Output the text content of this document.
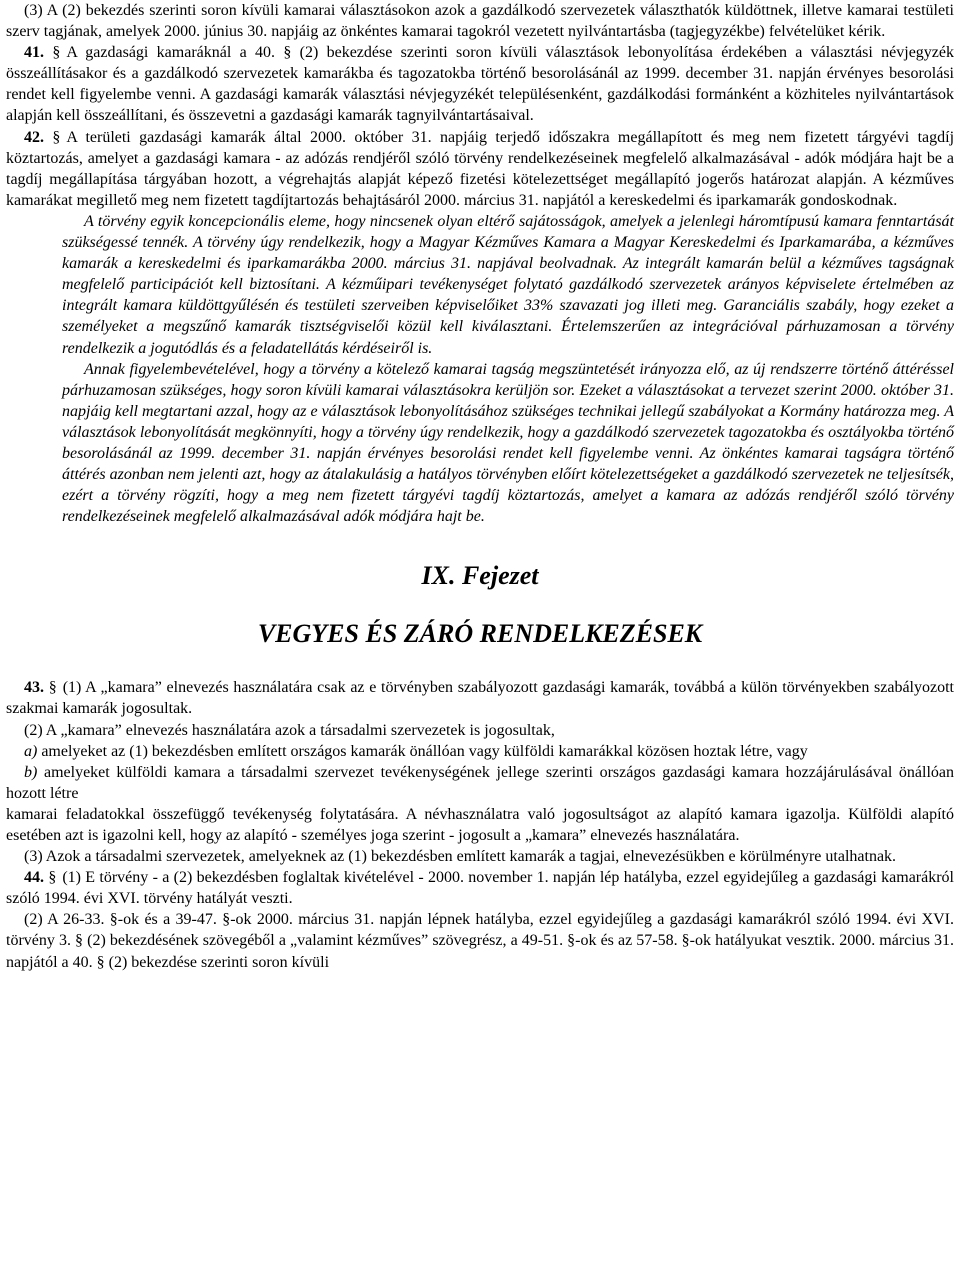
(3) A (2) bekezdés szerinti soron kívüli kamarai választásokon azok a gazdálkodó szervezetek választhatók küldöttnek, illetve kamarai testületi szerv tagjának, amelyek 2000. június 30. napjáig az önkéntes kamarai tagokról vezetett nyilvántartásba (tagjegyzékbe) felvételüket kérik.

41. § A gazdasági kamaráknál a 40. § (2) bekezdése szerinti soron kívüli választások lebonyolítása érdekében a választási névjegyzék összeállításakor és a gazdálkodó szervezetek kamarákba és tagozatokba történő besorolásánál az 1999. december 31. napján érvényes besorolási rendet kell figyelembe venni. A gazdasági kamarák választási névjegyzékét településenként, gazdálkodási formánként a közhiteles nyilvántartások alapján kell összeállítani, és összevetni a gazdasági kamarák tagnyilvántartásaival.

42. § A területi gazdasági kamarák által 2000. október 31. napjáig terjedő időszakra megállapított és meg nem fizetett tárgyévi tagdíj köztartozás, amelyet a gazdasági kamara - az adózás rendjéről szóló törvény rendelkezéseinek megfelelő alkalmazásával - adók módjára hajt be a tagdíj megállapítása tárgyában hozott, a végrehajtás alapját képező fizetési kötelezettséget megállapító jogerős határozat alapján. A kézműves kamarákat megillető meg nem fizetett tagdíjtartozás behajtásáról 2000. március 31. napjától a kereskedelmi és iparkamarák gondoskodnak.

A törvény egyik koncepcionális eleme, hogy nincsenek olyan eltérő sajátosságok, amelyek a jelenlegi háromtípusú kamara fenntartását szükségessé tennék. A törvény úgy rendelkezik, hogy a Magyar Kézműves Kamara a Magyar Kereskedelmi és Iparkamarába, a kézműves kamarák a kereskedelmi és iparkamarákba 2000. március 31. napjával beolvadnak. Az integrált kamarán belül a kézműves tagságnak megfelelő participációt kell biztosítani. A kézműipari tevékenységet folytató gazdálkodó szervezetek arányos képviselete értelmében az integrált kamara küldöttgyűlésén és testületi szerveiben képviselőiket 33% szavazati jog illeti meg. Garanciális szabály, hogy ezeket a személyeket a megszűnő kamarák tisztségviselői közül kell kiválasztani. Értelemszerűen az integrációval párhuzamosan a törvény rendelkezik a jogutódlás és a feladatellátás kérdéseiről is.

Annak figyelembevételével, hogy a törvény a kötelező kamarai tagság megszüntetését irányozza elő, az új rendszerre történő áttéréssel párhuzamosan szükséges, hogy soron kívüli kamarai választásokra kerüljön sor. Ezeket a választásokat a tervezet szerint 2000. október 31. napjáig kell megtartani azzal, hogy az e választások lebonyolításához szükséges technikai jellegű szabályokat a Kormány határozza meg. A választások lebonyolítását megkönnyíti, hogy a törvény úgy rendelkezik, hogy a gazdálkodó szervezetek tagozatokba és osztályokba történő besorolásánál az 1999. december 31. napján érvényes besorolási rendet kell figyelembe venni. Az önkéntes kamarai tagságra történő áttérés azonban nem jelenti azt, hogy az átalakulásig a hatályos törvényben előírt kötelezettségeket a gazdálkodó szervezetek ne teljesítsék, ezért a törvény rögzíti, hogy a meg nem fizetett tárgyévi tagdíj köztartozás, amelyet a kamara az adózás rendjéről szóló törvény rendelkezéseinek megfelelő alkalmazásával adók módjára hajt be.

IX. Fejezet
VEGYES ÉS ZÁRÓ RENDELKEZÉSEK

43. § (1) A „kamara” elnevezés használatára csak az e törvényben szabályozott gazdasági kamarák, továbbá a külön törvényekben szabályozott szakmai kamarák jogosultak.

(2) A „kamara” elnevezés használatára azok a társadalmi szervezetek is jogosultak,

a) amelyeket az (1) bekezdésben említett országos kamarák önállóan vagy külföldi kamarákkal közösen hoztak létre, vagy

b) amelyeket külföldi kamara a társadalmi szervezet tevékenységének jellege szerinti országos gazdasági kamara hozzájárulásával önállóan hozott létre

kamarai feladatokkal összefüggő tevékenység folytatására. A névhasználatra való jogosultságot az alapító kamara igazolja. Külföldi alapító esetében azt is igazolni kell, hogy az alapító - személyes joga szerint - jogosult a „kamara” elnevezés használatára.

(3) Azok a társadalmi szervezetek, amelyeknek az (1) bekezdésben említett kamarák a tagjai, elnevezésükben e körülményre utalhatnak.

44. § (1) E törvény - a (2) bekezdésben foglaltak kivételével - 2000. november 1. napján lép hatályba, ezzel egyidejűleg a gazdasági kamarákról szóló 1994. évi XVI. törvény hatályát veszti.

(2) A 26-33. §-ok és a 39-47. §-ok 2000. március 31. napján lépnek hatályba, ezzel egyidejűleg a gazdasági kamarákról szóló 1994. évi XVI. törvény 3. § (2) bekezdésének szövegéből a „valamint kézműves” szövegrész, a 49-51. §-ok és az 57-58. §-ok hatályukat vesztik. 2000. március 31. napjától a 40. § (2) bekezdése szerinti soron kívüli
